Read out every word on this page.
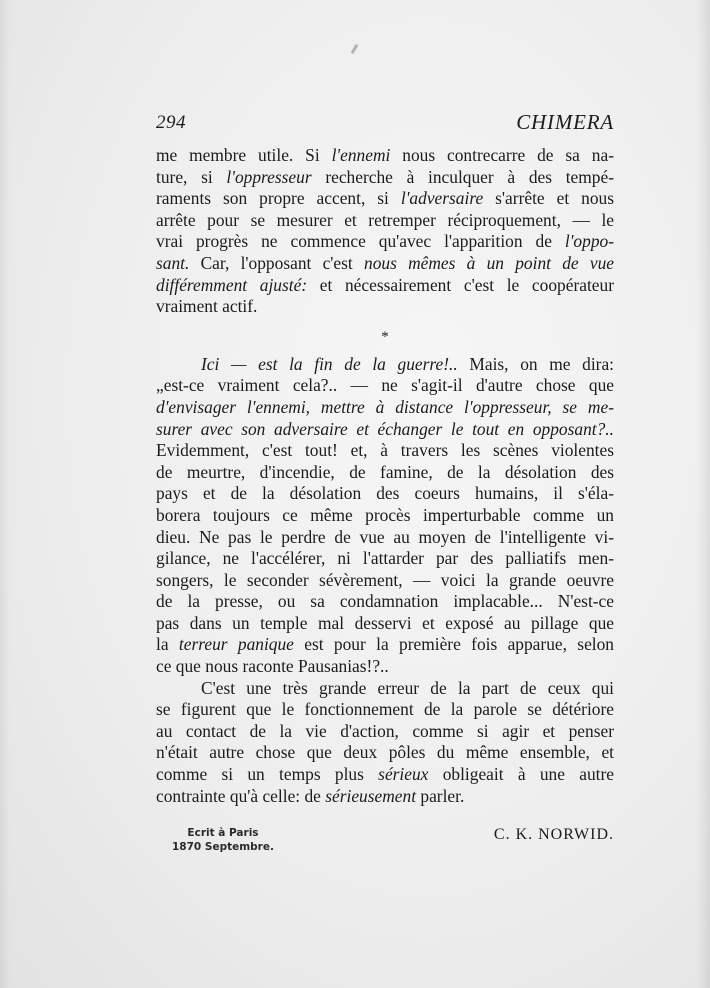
294	CHIMERA
me membre utile. Si l'ennemi nous contrecarre de sa na-
ture, si l'oppresseur recherche à inculquer à des tempé-
raments son propre accent, si l'adversaire s'arrête et nous
arrête pour se mesurer et retremper réciproquement, — le
vrai progrès ne commence qu'avec l'apparition de l'oppo-
sant. Car, l'opposant c'est nous mêmes à un point de vue
différemment ajusté: et nécessairement c'est le coopérateur
vraiment actif.
*
Ici — est la fin de la guerre!.. Mais, on me dira:
„est-ce vraiment cela?.. — ne s'agit-il d'autre chose que
d'envisager l'ennemi, mettre à distance l'oppresseur, se me-
surer avec son adversaire et échanger le tout en opposant?..
Evidemment, c'est tout! et, à travers les scènes violentes
de meurtre, d'incendie, de famine, de la désolation des
pays et de la désolation des coeurs humains, il s'éla-
borera toujours ce même procès imperturbable comme un
dieu. Ne pas le perdre de vue au moyen de l'intelligente vi-
gilance, ne l'accélérer, ni l'attarder par des palliatifs men-
songers, le seconder sévèrement, — voici la grande oeuvre
de la presse, ou sa condamnation implacable... N'est-ce
pas dans un temple mal desservi et exposé au pillage que
la terreur panique est pour la première fois apparue, selon
ce que nous raconte Pausanias!?..
C'est une très grande erreur de la part de ceux qui
se figurent que le fonctionnement de la parole se détériore
au contact de la vie d'action, comme si agir et penser
n'était autre chose que deux pôles du même ensemble, et
comme si un temps plus sérieux obligeait à une autre
contrainte qu'à celle: de sérieusement parler.
Ecrit à Paris
1870 Septembre.
C. K. NORWID.
